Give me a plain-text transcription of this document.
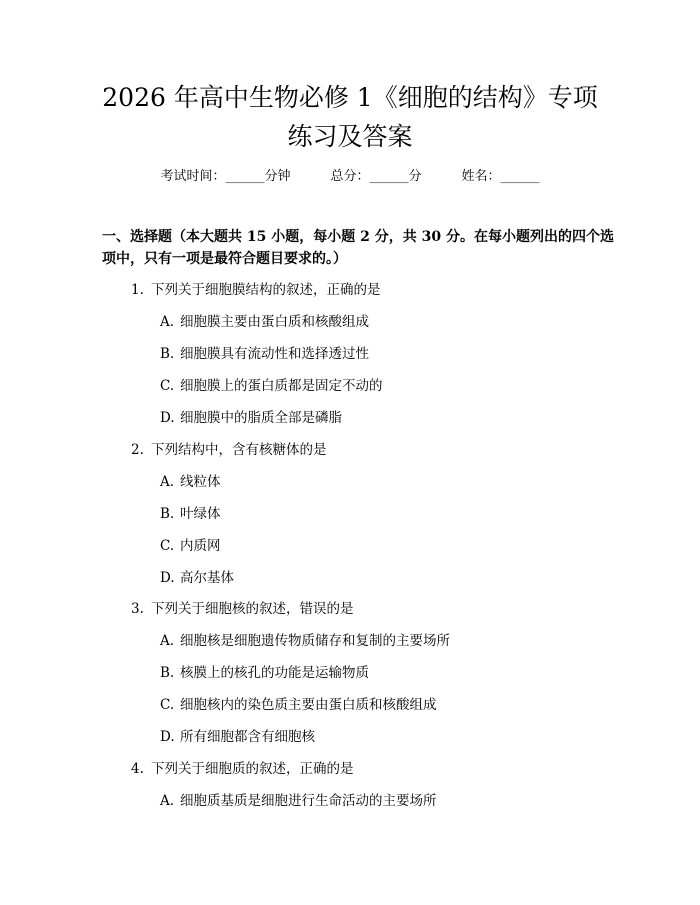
2026 年高中生物必修 1《细胞的结构》专项
练习及答案
考试时间：______分钟	总分：______分	姓名：______
一、选择题（本大题共 15 小题，每小题 2 分，共 30 分。在每小题列出的四个选
项中，只有一项是最符合题目要求的。）
1. 下列关于细胞膜结构的叙述，正确的是
A. 细胞膜主要由蛋白质和核酸组成
B. 细胞膜具有流动性和选择透过性
C. 细胞膜上的蛋白质都是固定不动的
D. 细胞膜中的脂质全部是磷脂
2. 下列结构中，含有核糖体的是
A. 线粒体
B. 叶绿体
C. 内质网
D. 高尔基体
3. 下列关于细胞核的叙述，错误的是
A. 细胞核是细胞遗传物质储存和复制的主要场所
B. 核膜上的核孔的功能是运输物质
C. 细胞核内的染色质主要由蛋白质和核酸组成
D. 所有细胞都含有细胞核
4. 下列关于细胞质的叙述，正确的是
A. 细胞质基质是细胞进行生命活动的主要场所
